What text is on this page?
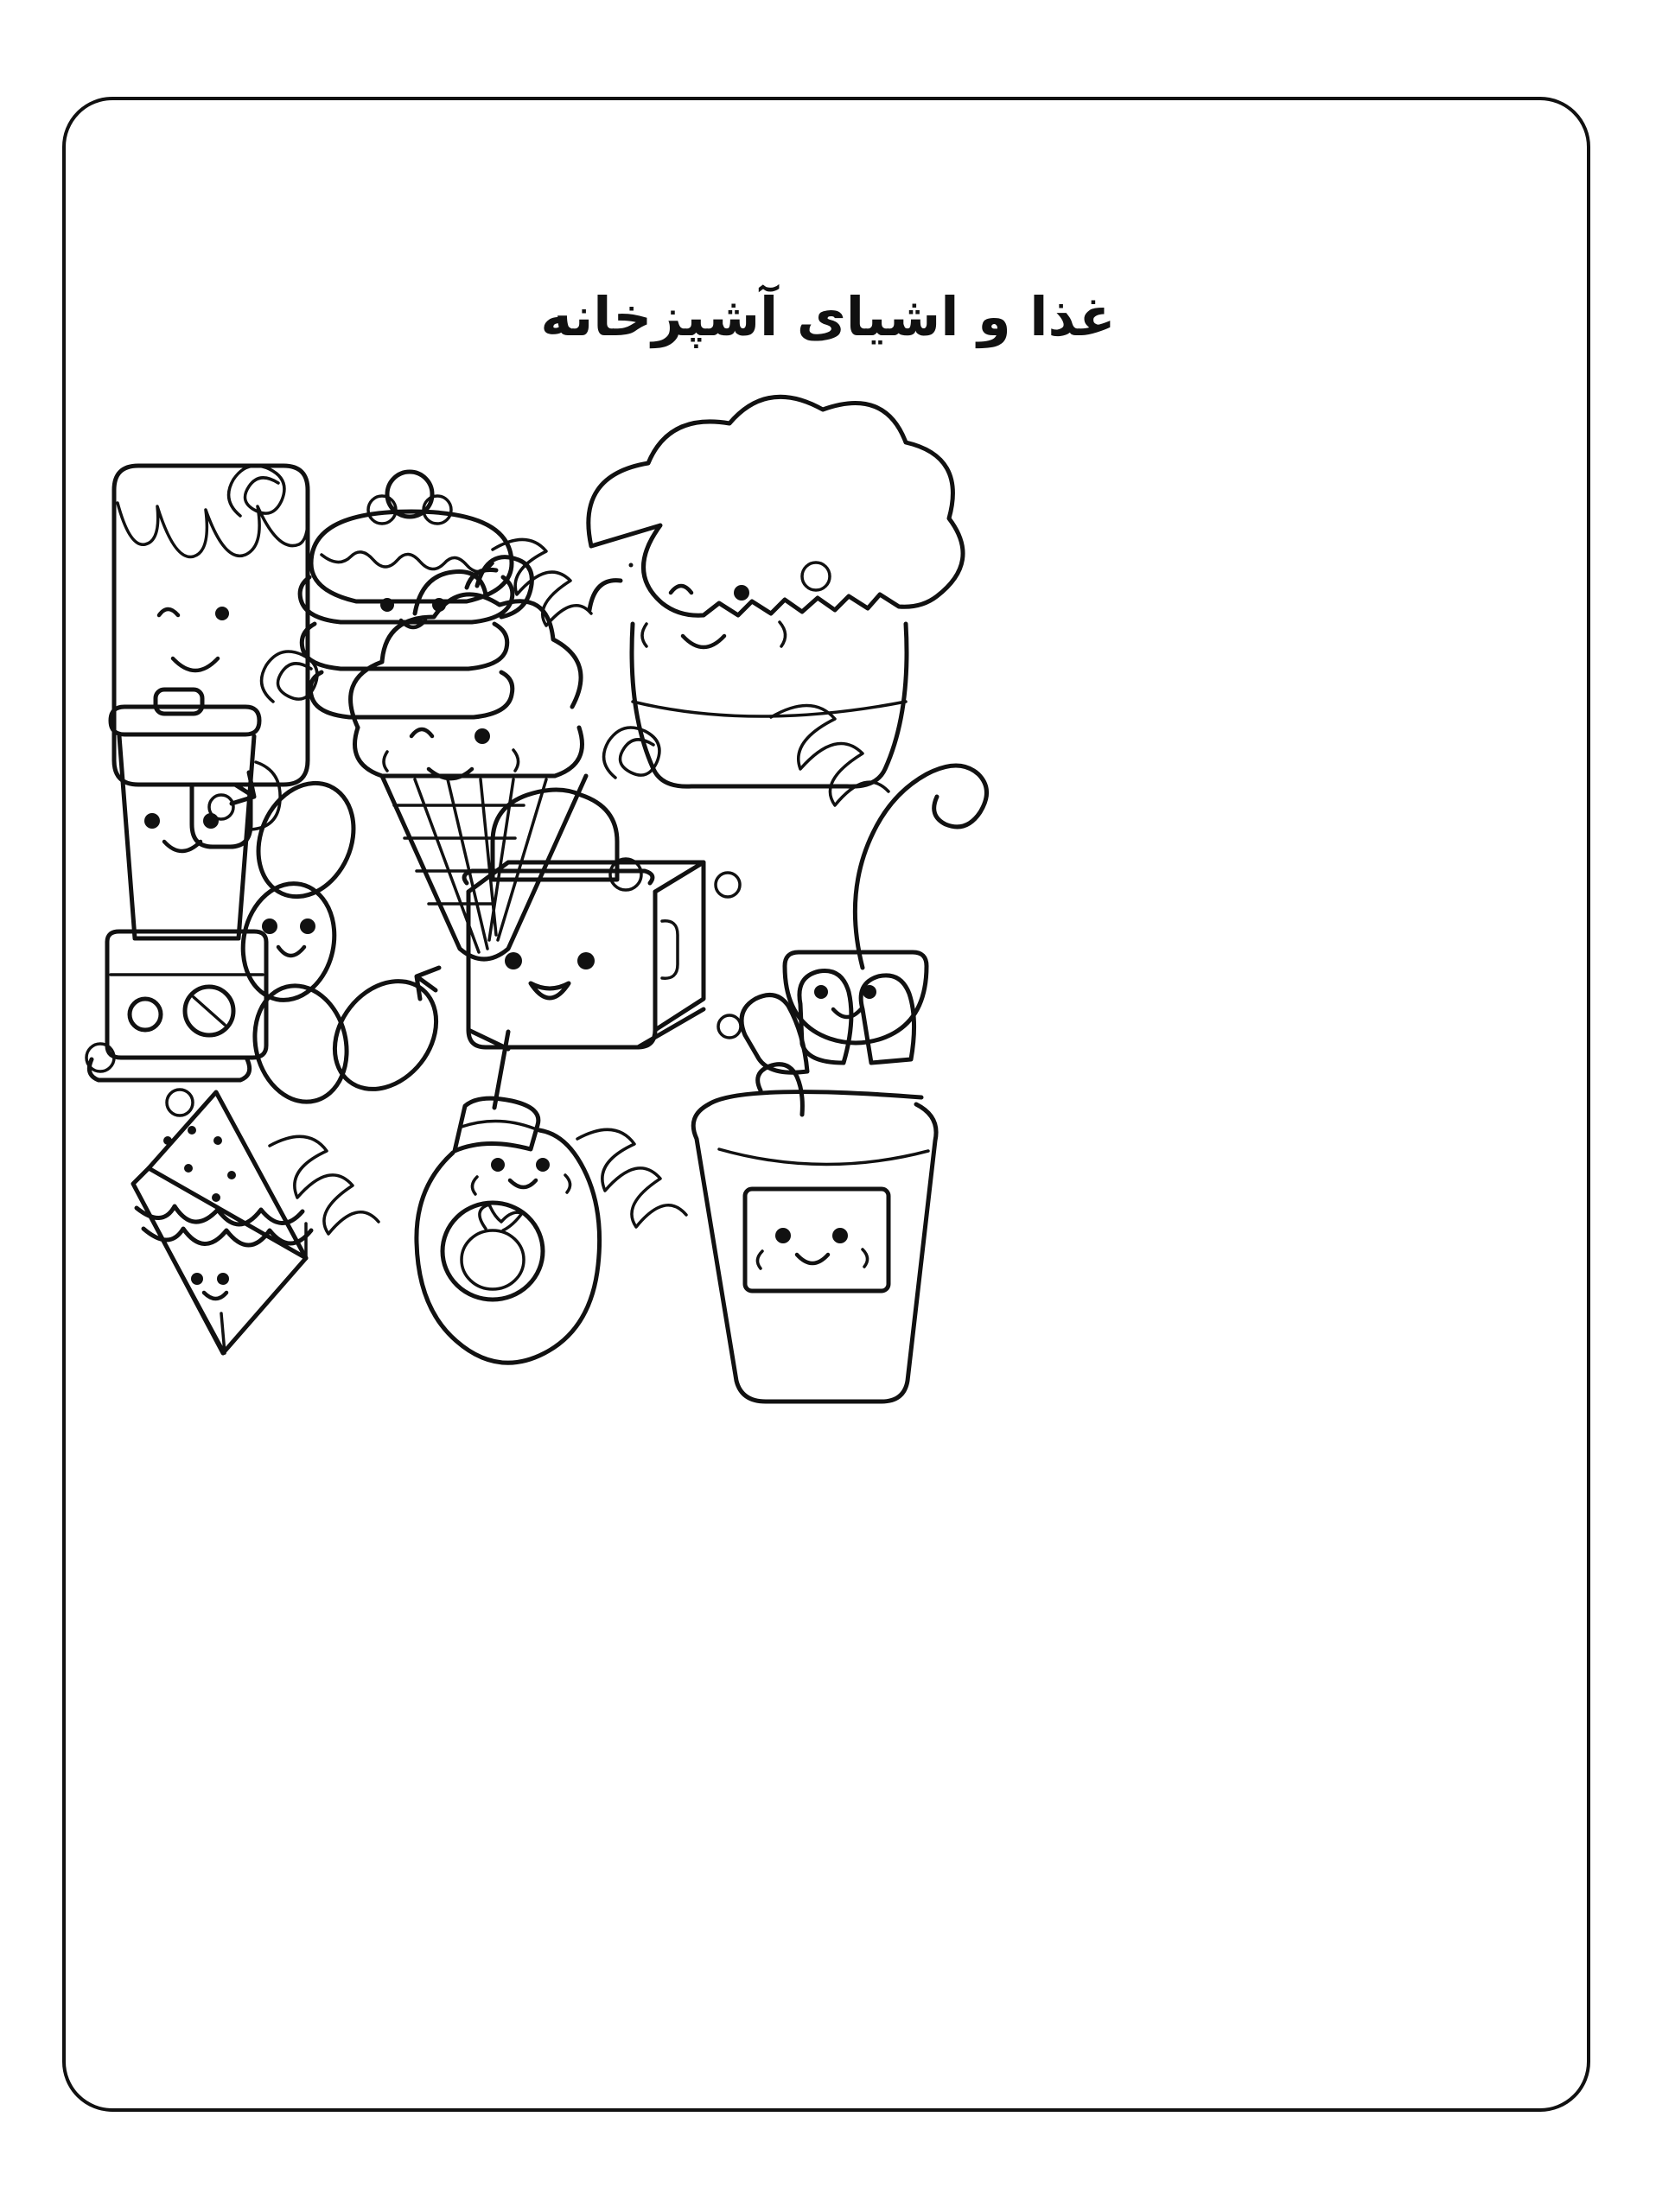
غذا و اشیای آشپزخانه
